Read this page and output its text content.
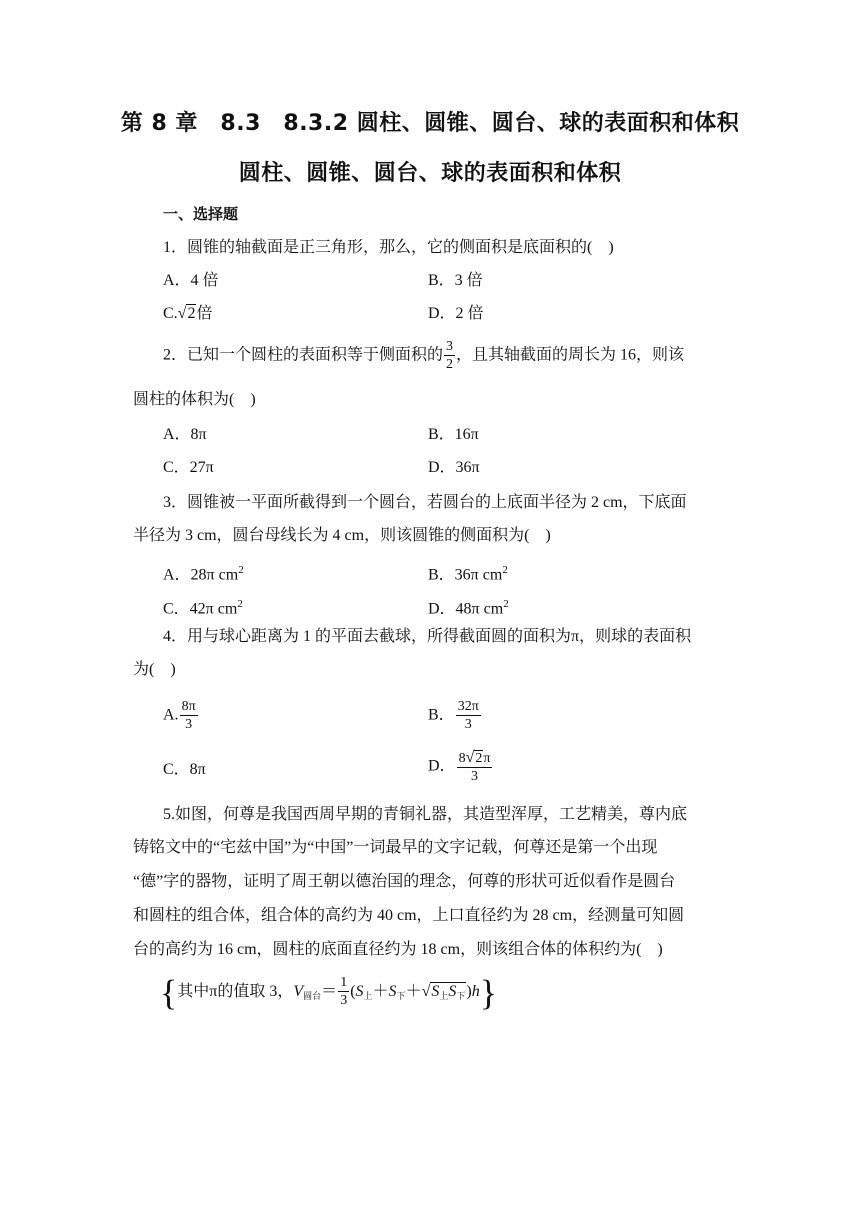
第 8 章　8.3　8.3.2 圆柱、圆锥、圆台、球的表面积和体积
圆柱、圆锥、圆台、球的表面积和体积
一、选择题
1．圆锥的轴截面是正三角形，那么，它的侧面积是底面积的(　)
A．4 倍	B．3 倍
C.√2倍	D．2 倍
2．已知一个圆柱的表面积等于侧面积的 $\frac{3}{2}$ ，且其轴截面的周长为 16，则该
圆柱的体积为(　)
A．8π	B．16π
C．27π	D．36π
3．圆锥被一平面所截得到一个圆台，若圆台的上底面半径为 2 cm，下底面
半径为 3 cm，圆台母线长为 4 cm，则该圆锥的侧面积为(　)
A．28π $cm^2$	B．36π $cm^2$
C．42π $cm^2$	D．48π $cm^2$
4．用与球心距离为 1 的平面去截球，所得截面圆的面积为π，则球的表面积
为(　)
A. $\frac{8\pi}{3}$	B． $\frac{32\pi}{3}$
C．8π	D． $\frac{8√2\pi}{3}$
5.如图，何尊是我国西周早期的青铜礼器，其造型浑厚，工艺精美，尊内底
铸铭文中的“宅兹中国”为“中国”一词最早的文字记载，何尊还是第一个出现
“德”字的器物，证明了周王朝以德治国的理念，何尊的形状可近似看作是圆台
和圆柱的组合体，组合体的高约为 40 cm，上口直径约为 28 cm，经测量可知圆
台的高约为 16 cm，圆柱的底面直径约为 18 cm，则该组合体的体积约为(　)
{其中π的值取 3，$V_{圆台}= \frac{1}{3} (S_上+S_下+√S_上S_下)h$}
